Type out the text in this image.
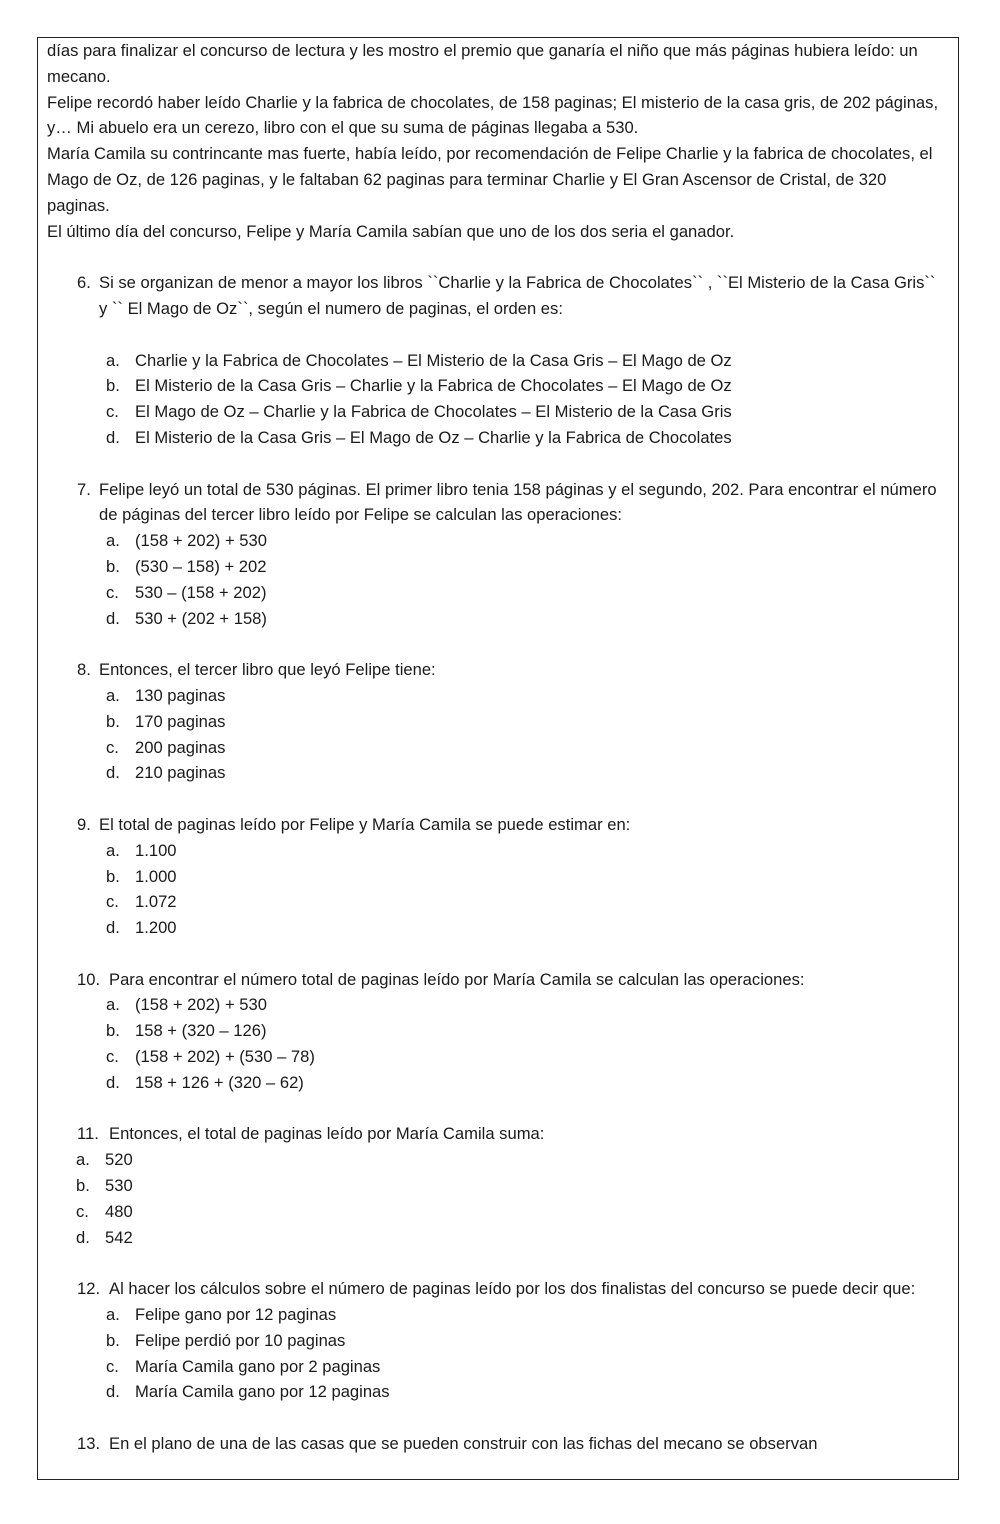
días para finalizar el concurso de lectura y les mostro el premio que ganaría el niño que más páginas hubiera leído: un mecano.

Felipe recordó haber leído Charlie y la fabrica de chocolates, de 158 paginas; El misterio de la casa gris, de 202 páginas, y… Mi abuelo era un cerezo, libro con el que su suma de páginas llegaba a 530.

María Camila su contrincante mas fuerte, había leído, por recomendación de Felipe Charlie y la fabrica de chocolates, el Mago de Oz, de 126 paginas, y le faltaban 62 paginas para terminar Charlie y El Gran Ascensor de Cristal, de 320 paginas.

El último día del concurso, Felipe y María Camila sabían que uno de los dos seria el ganador.

6. Si se organizan de menor a mayor los libros ``Charlie y la Fabrica de Chocolates`` , ``El Misterio de la Casa Gris`` y `` El Mago de Oz``, según el numero de paginas, el orden es:
a. Charlie y la Fabrica de Chocolates – El Misterio de la Casa Gris – El Mago de Oz
b. El Misterio de la Casa Gris – Charlie y la Fabrica de Chocolates – El Mago de Oz
c. El Mago de Oz – Charlie y la Fabrica de Chocolates – El Misterio de la Casa Gris
d. El Misterio de la Casa Gris – El Mago de Oz – Charlie y la Fabrica de Chocolates
7. Felipe leyó un total de 530 páginas. El primer libro tenia 158 páginas y el segundo, 202. Para encontrar el número de páginas del tercer libro leído por Felipe se calculan las operaciones:
a. (158 + 202) + 530
b. (530 – 158) + 202
c. 530 – (158 + 202)
d. 530 + (202 + 158)
8. Entonces, el tercer libro que leyó Felipe tiene:
a. 130 paginas
b. 170 paginas
c. 200 paginas
d. 210 paginas
9. El total de paginas leído por Felipe y María Camila se puede estimar en:
a. 1.100
b. 1.000
c. 1.072
d. 1.200
10. Para encontrar el número total de paginas leído por María Camila se calculan las operaciones:
a. (158 + 202) + 530
b. 158 + (320 – 126)
c. (158 + 202) + (530 – 78)
d. 158 + 126 + (320 – 62)
11. Entonces, el total de paginas leído por María Camila suma:
a. 520
b. 530
c. 480
d. 542
12. Al hacer los cálculos sobre el número de paginas leído por los dos finalistas del concurso se puede decir que:
a. Felipe gano por 12 paginas
b. Felipe perdió por 10 paginas
c. María Camila gano por 2 paginas
d. María Camila gano por 12 paginas
13. En el plano de una de las casas que se pueden construir con las fichas del mecano se observan
